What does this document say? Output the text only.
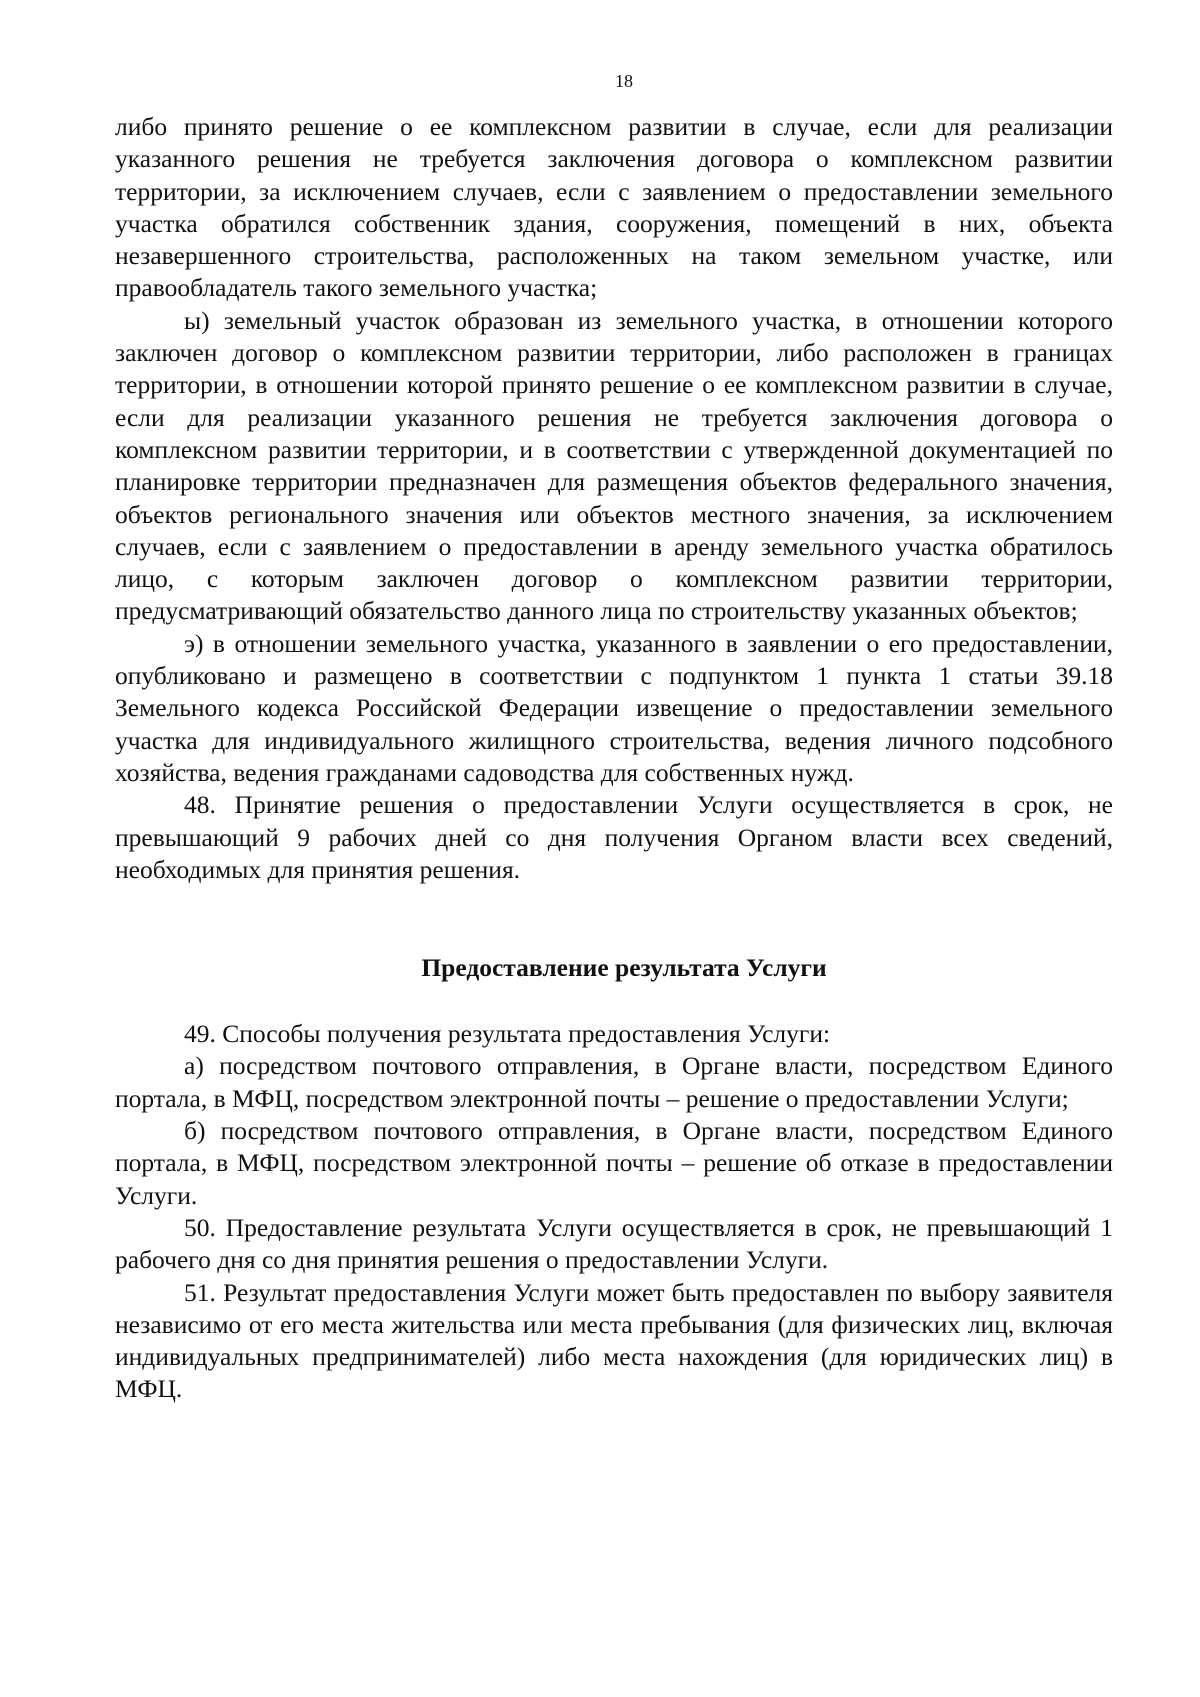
18

либо принято решение о ее комплексном развитии в случае, если для реализации указанного решения не требуется заключения договора о комплексном развитии территории, за исключением случаев, если с заявлением о предоставлении земельного участка обратился собственник здания, сооружения, помещений в них, объекта незавершенного строительства, расположенных на таком земельном участке, или правообладатель такого земельного участка;

ы) земельный участок образован из земельного участка, в отношении которого заключен договор о комплексном развитии территории, либо расположен в границах территории, в отношении которой принято решение о ее комплексном развитии в случае, если для реализации указанного решения не требуется заключения договора о комплексном развитии территории, и в соответствии с утвержденной документацией по планировке территории предназначен для размещения объектов федерального значения, объектов регионального значения или объектов местного значения, за исключением случаев, если с заявлением о предоставлении в аренду земельного участка обратилось лицо, с которым заключен договор о комплексном развитии территории, предусматривающий обязательство данного лица по строительству указанных объектов;

э) в отношении земельного участка, указанного в заявлении о его предоставлении, опубликовано и размещено в соответствии с подпунктом 1 пункта 1 статьи 39.18 Земельного кодекса Российской Федерации извещение о предоставлении земельного участка для индивидуального жилищного строительства, ведения личного подсобного хозяйства, ведения гражданами садоводства для собственных нужд.

48. Принятие решения о предоставлении Услуги осуществляется в срок, не превышающий 9 рабочих дней со дня получения Органом власти всех сведений, необходимых для принятия решения.

Предоставление результата Услуги

49. Способы получения результата предоставления Услуги:

а) посредством почтового отправления, в Органе власти, посредством Единого портала, в МФЦ, посредством электронной почты – решение о предоставлении Услуги;

б) посредством почтового отправления, в Органе власти, посредством Единого портала, в МФЦ, посредством электронной почты – решение об отказе в предоставлении Услуги.

50. Предоставление результата Услуги осуществляется в срок, не превышающий 1 рабочего дня со дня принятия решения о предоставлении Услуги.

51. Результат предоставления Услуги может быть предоставлен по выбору заявителя независимо от его места жительства или места пребывания (для физических лиц, включая индивидуальных предпринимателей) либо места нахождения (для юридических лиц) в МФЦ.
